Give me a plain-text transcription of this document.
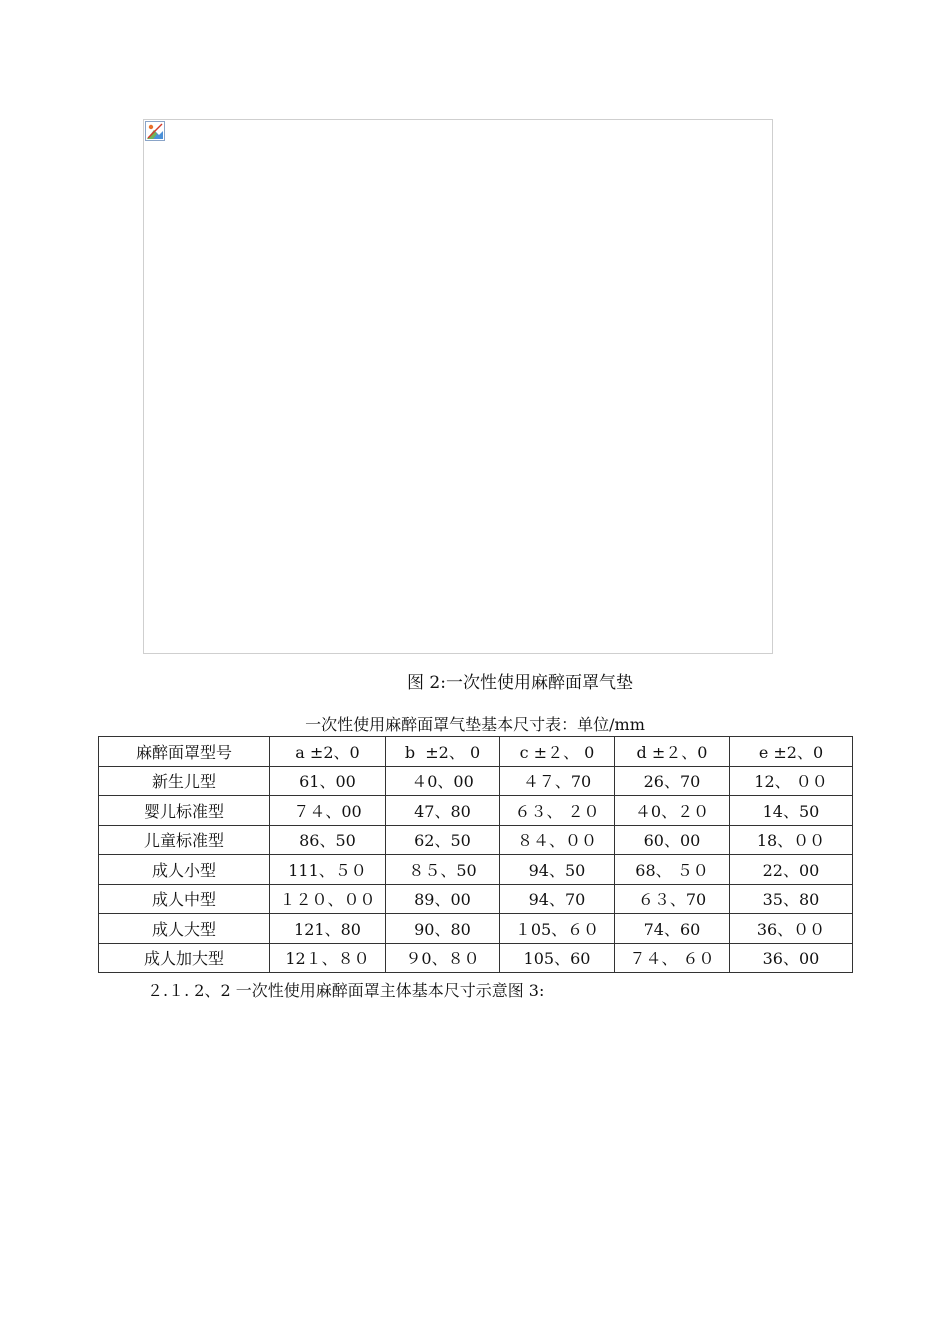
图 2:一次性使用麻醉面罩气垫
一次性使用麻醉面罩气垫基本尺寸表：单位/mm
麻醉面罩型号	a ±2、0	b  ±2、 0	c ±２、 0	d ±２、0	e ±2、0
新生儿型	61、00	４0、00	４７、70	26、70	12、 ００
婴儿标准型	７４、00	47、80	６３、 ２０	４0、２０	14、50
儿童标准型	86、50	62、50	８４、００	60、00	18、００
成人小型	111、５０	８５、50	94、50	68、 ５０	22、00
成人中型	１２０、００	89、00	94、70	６３、70	35、80
成人大型	121、80	90、80	１05、６０	74、60	36、００
成人加大型	12１、８０	９0、８０	105、60	７４、 ６０	36、00
２.１. 2、2 一次性使用麻醉面罩主体基本尺寸示意图 3:
